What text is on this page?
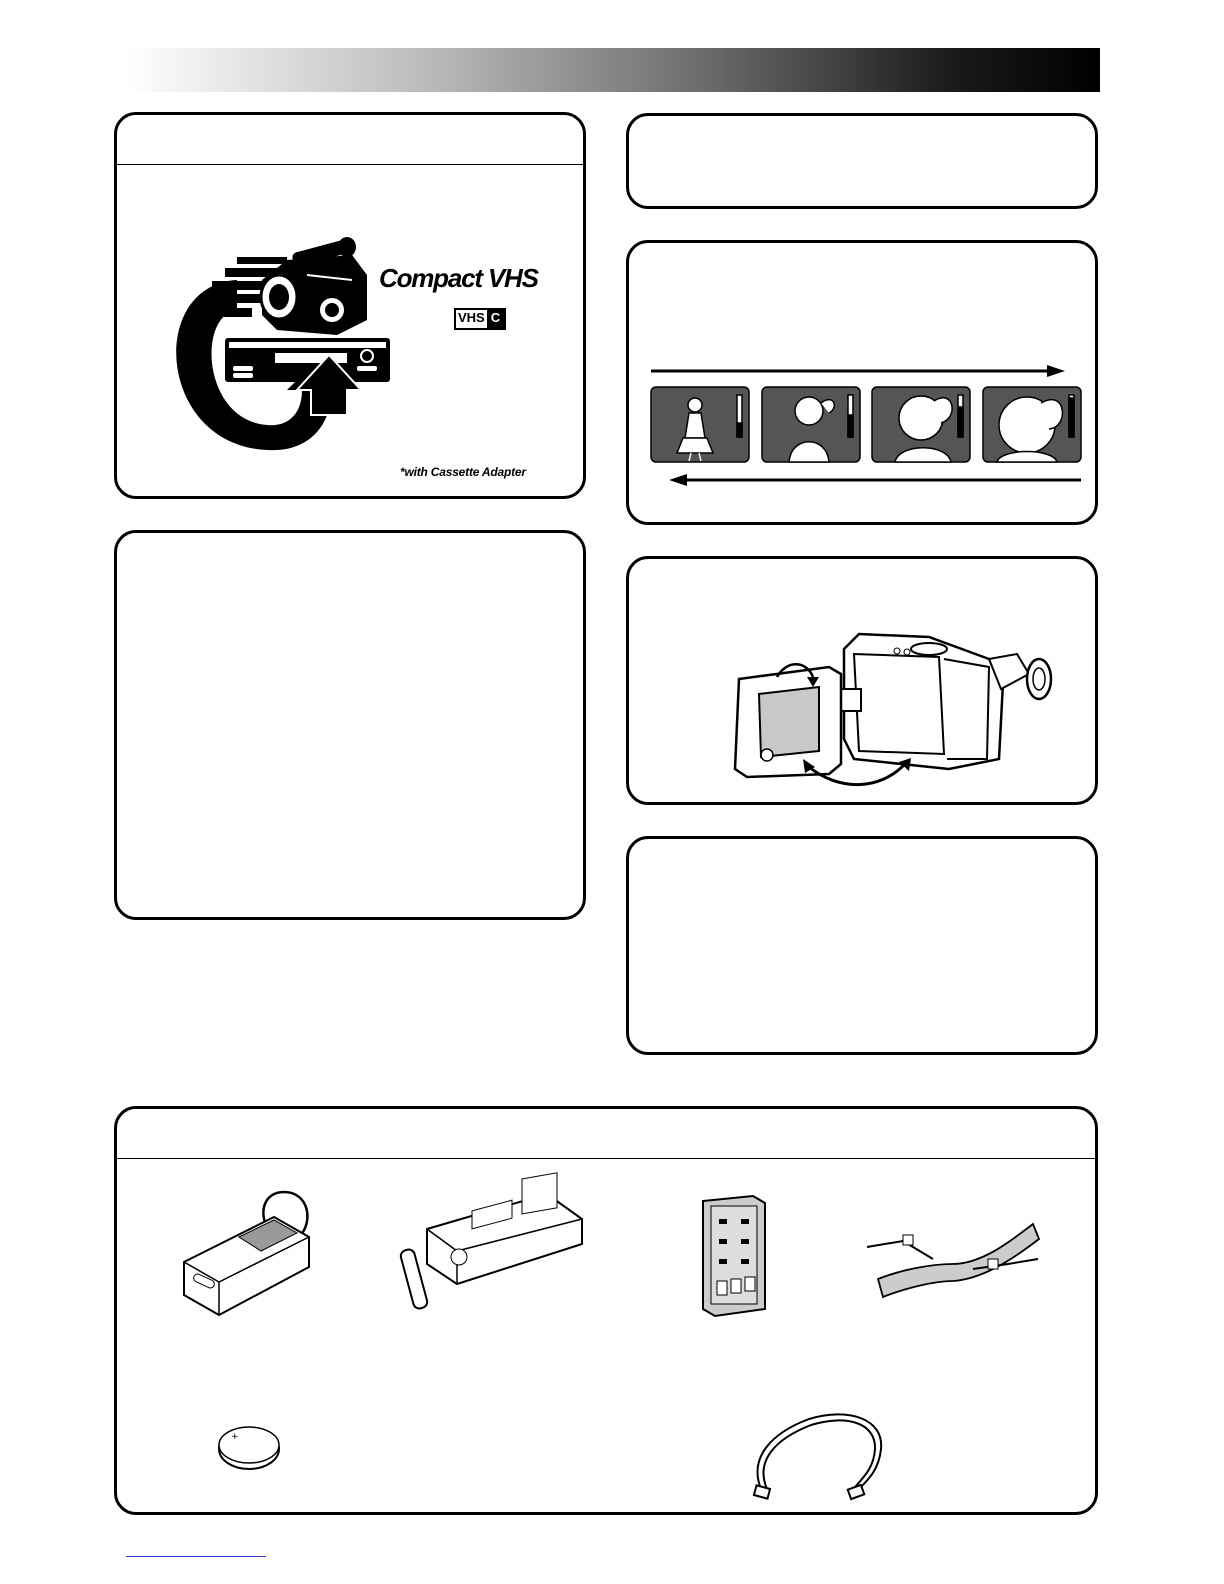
Compact VHS
VHS C
*with Cassette Adapter
+
